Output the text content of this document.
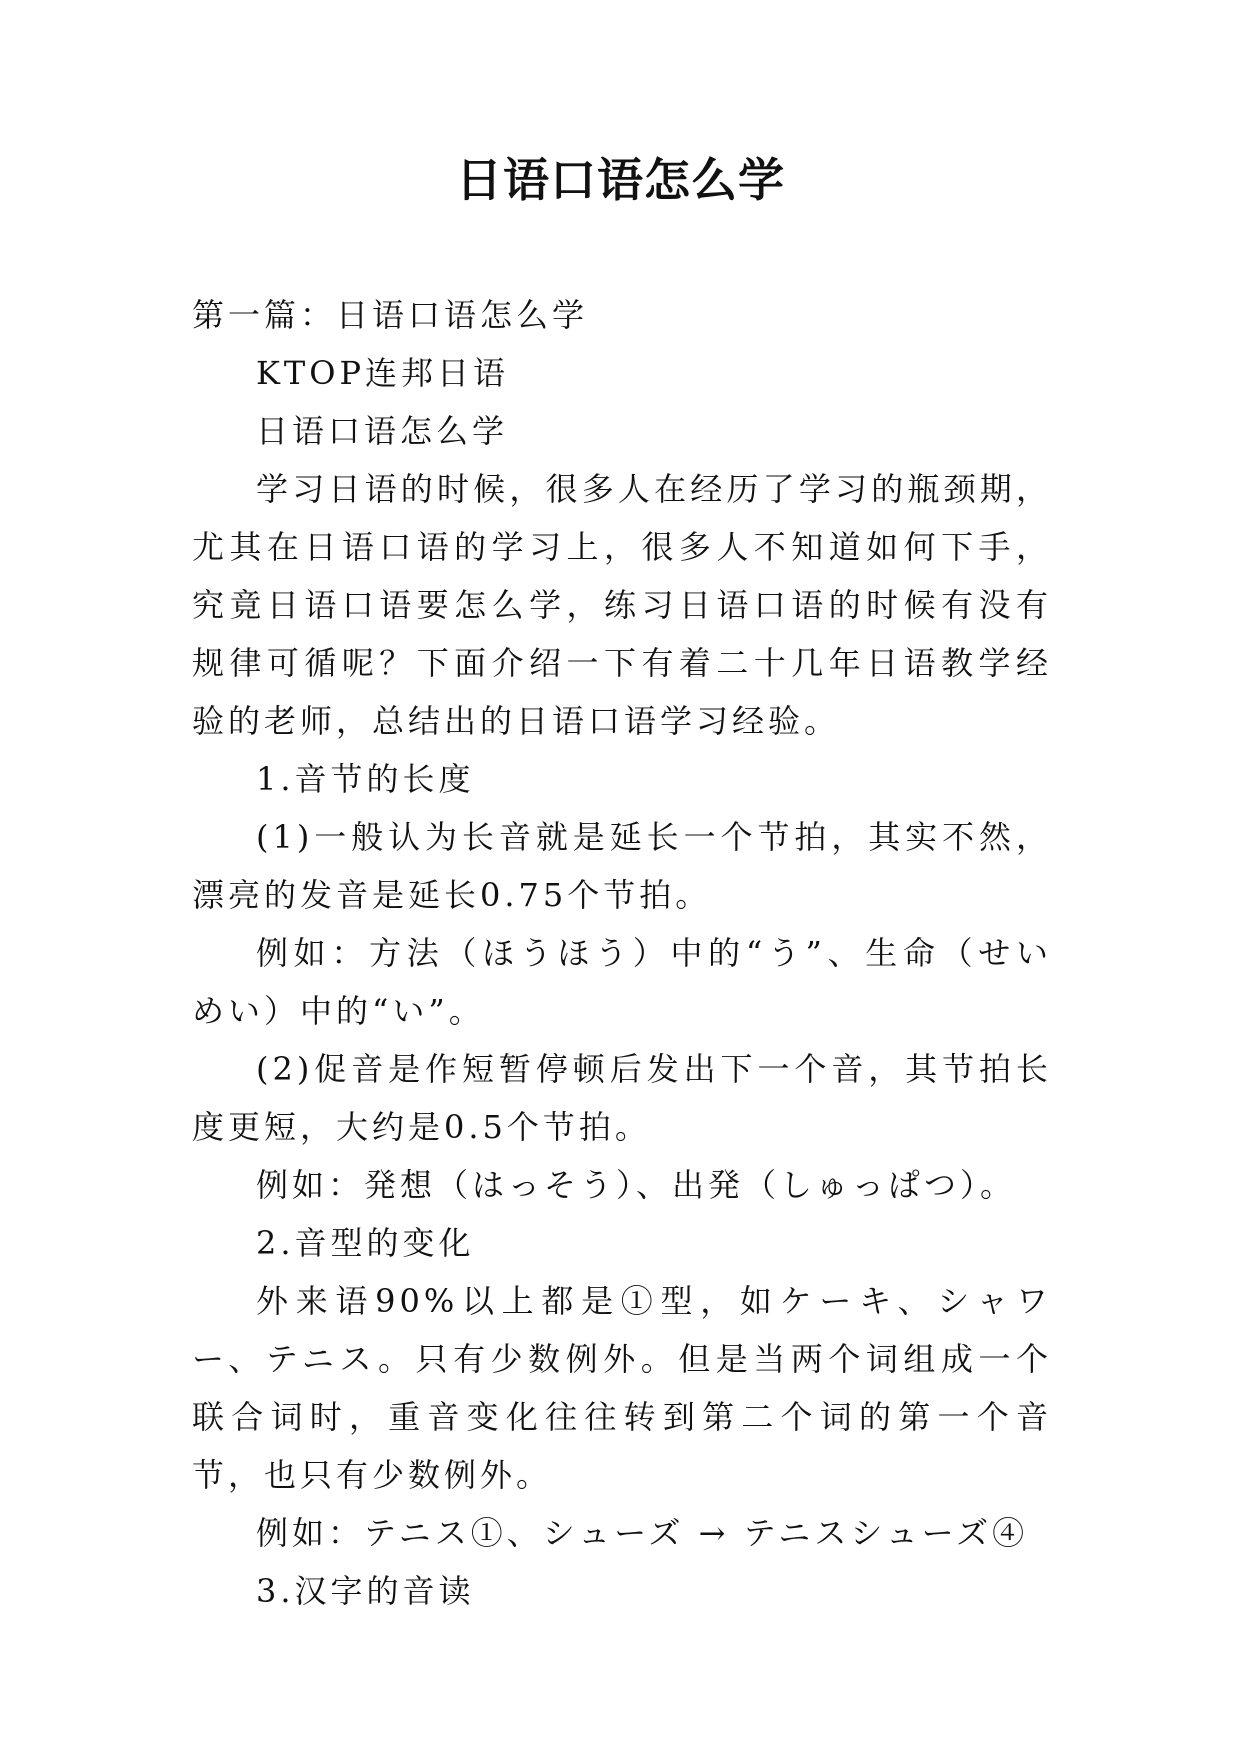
日语口语怎么学

第一篇：日语口语怎么学

KTOP连邦日语

日语口语怎么学

学习日语的时候，很多人在经历了学习的瓶颈期，尤其在日语口语的学习上，很多人不知道如何下手，究竟日语口语要怎么学，练习日语口语的时候有没有规律可循呢？下面介绍一下有着二十几年日语教学经验的老师，总结出的日语口语学习经验。

1.音节的长度

(1)一般认为长音就是延长一个节拍，其实不然，漂亮的发音是延长0.75个节拍。

例如：方法（ほうほう）中的“う”、生命（せいめい）中的“い”。

(2)促音是作短暂停顿后发出下一个音，其节拍长度更短，大约是0.5个节拍。

例如：発想（はっそう）、出発（しゅっぱつ）。

2.音型的变化

外来语90%以上都是①型，如ケーキ、シャワー、テニス。只有少数例外。但是当两个词组成一个联合词时，重音变化往往转到第二个词的第一个音节，也只有少数例外。

例如：テニス①、シューズ → テニスシューズ④

3.汉字的音读
